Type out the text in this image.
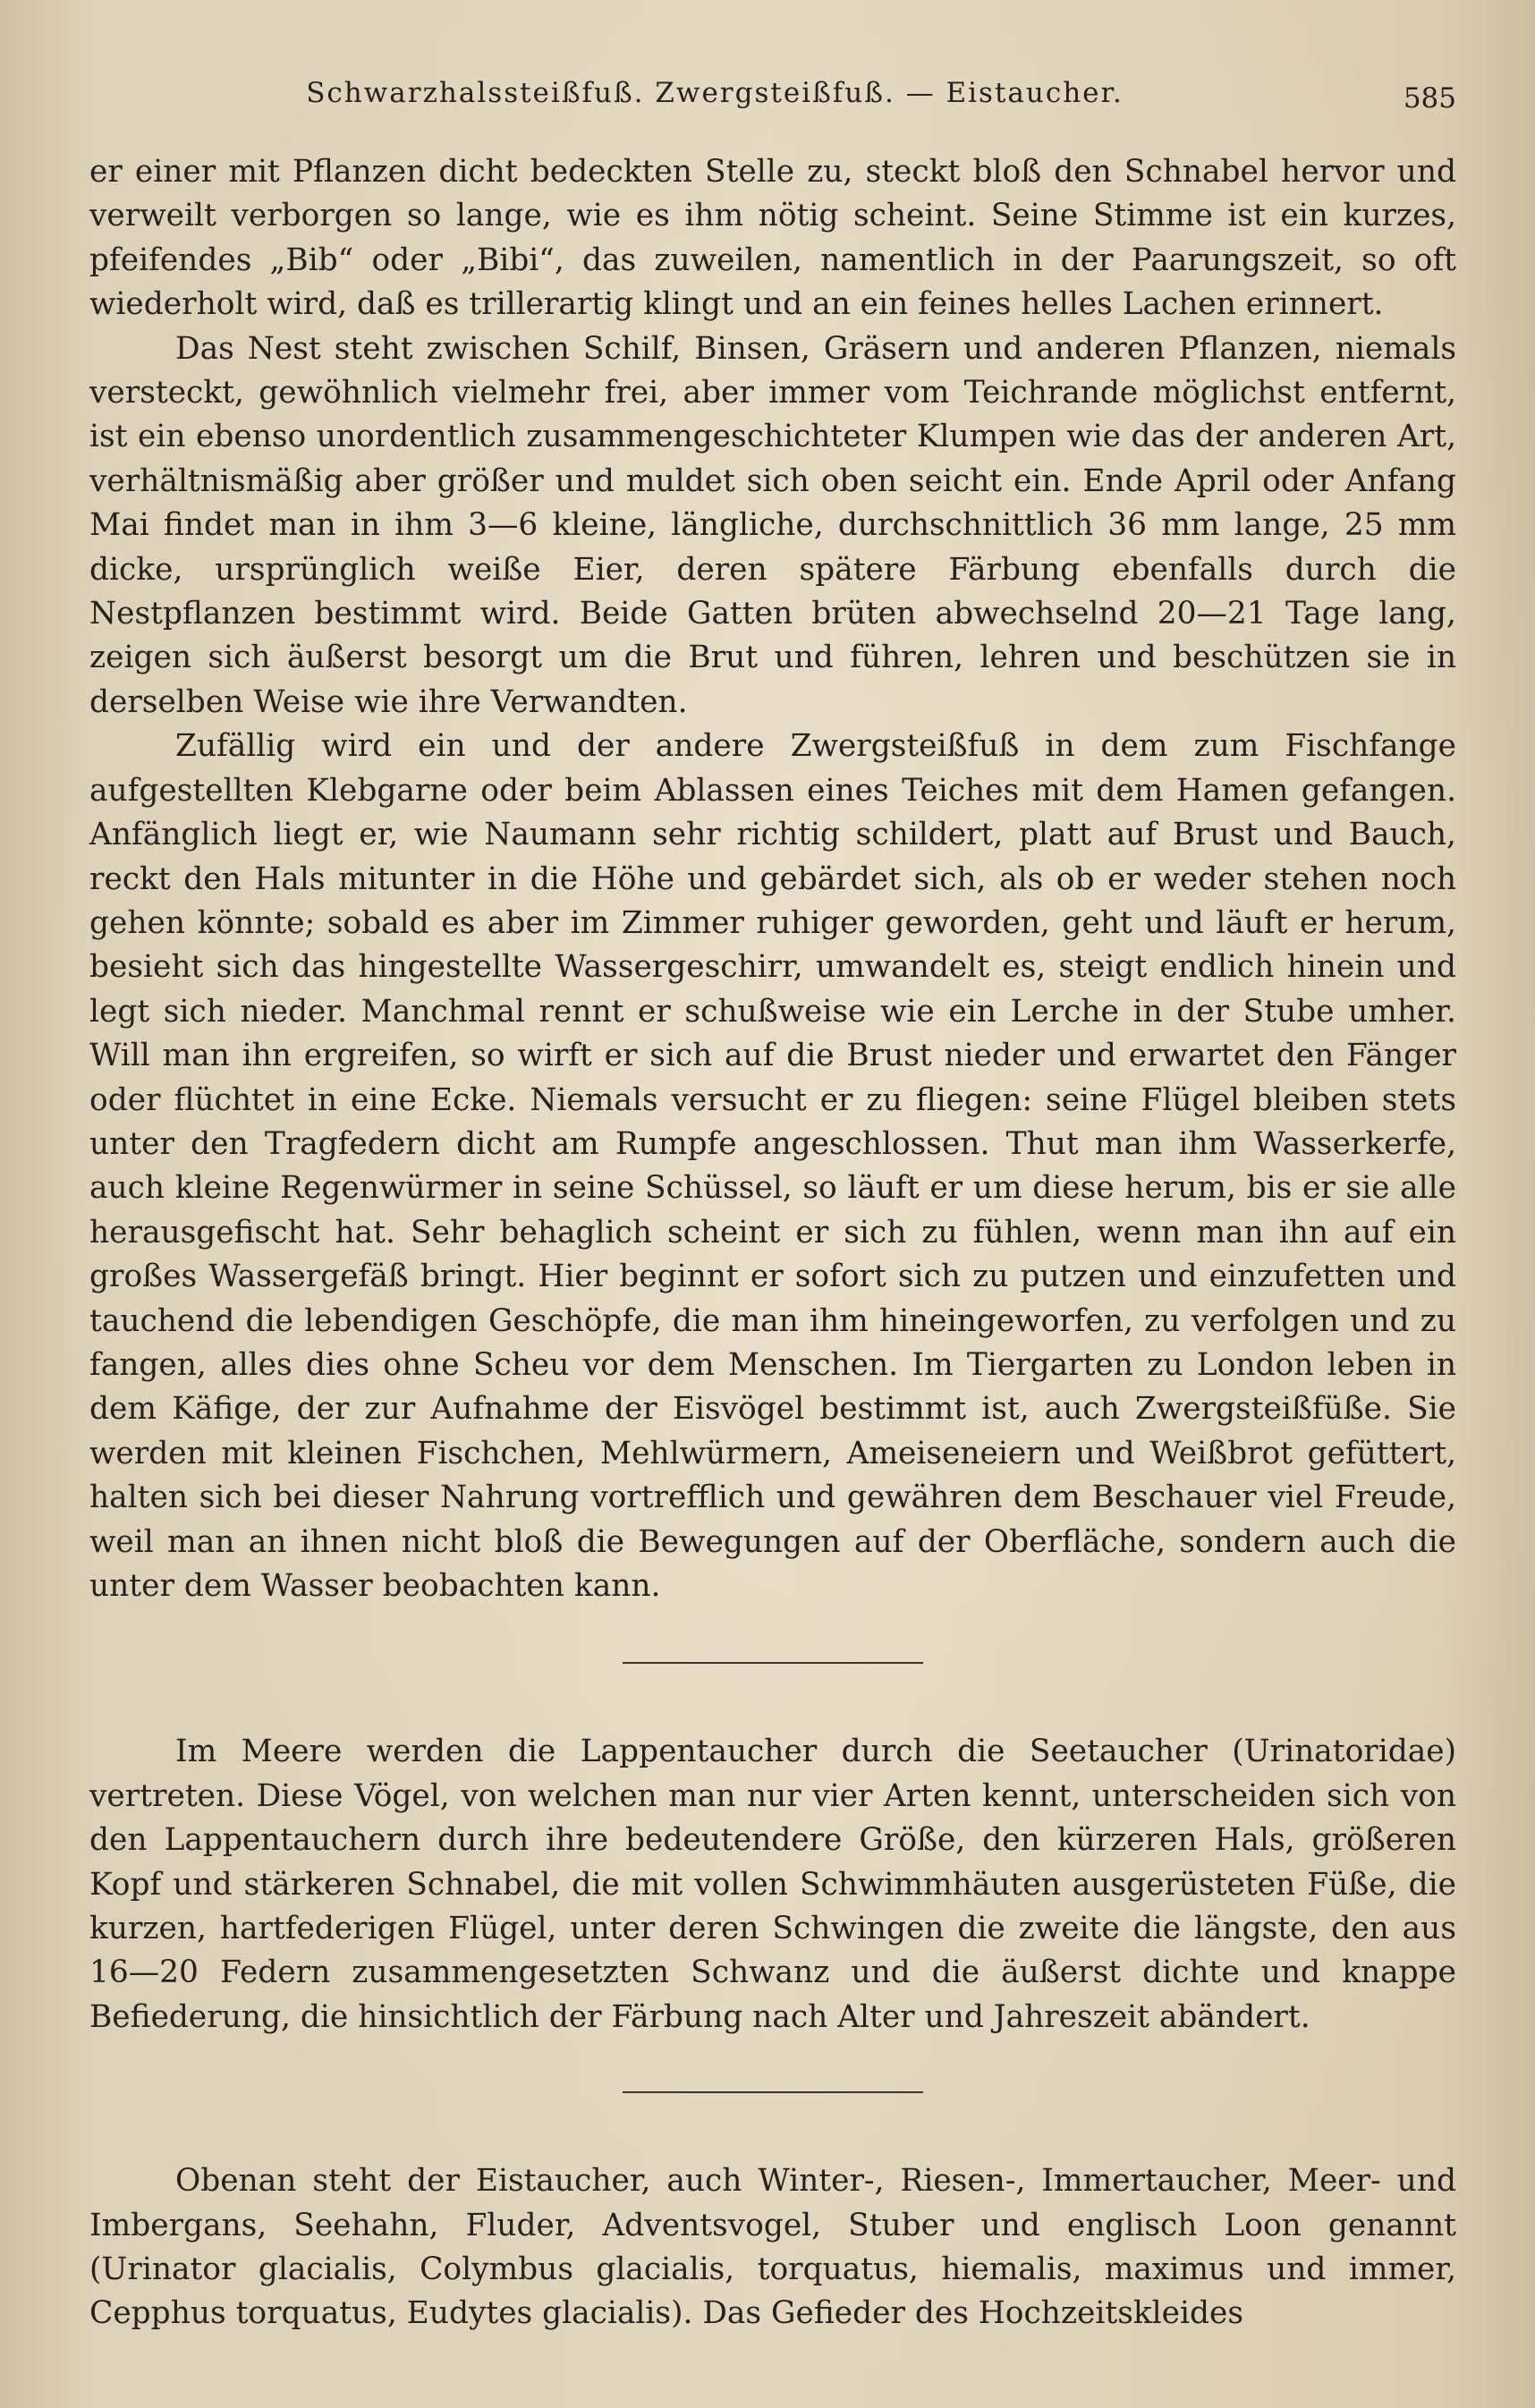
Schwarzhalssteißfuß. Zwergsteißfuß. — Eistaucher.	585

er einer mit Pflanzen dicht bedeckten Stelle zu, steckt bloß den Schnabel hervor und verweilt verborgen so lange, wie es ihm nötig scheint. Seine Stimme ist ein kurzes, pfeifendes „Bib“ oder „Bibi“, das zuweilen, namentlich in der Paarungszeit, so oft wiederholt wird, daß es trillerartig klingt und an ein feines helles Lachen erinnert.

Das Nest steht zwischen Schilf, Binsen, Gräsern und anderen Pflanzen, niemals versteckt, gewöhnlich vielmehr frei, aber immer vom Teichrande möglichst entfernt, ist ein ebenso unordentlich zusammengeschichteter Klumpen wie das der anderen Art, verhältnismäßig aber größer und muldet sich oben seicht ein. Ende April oder Anfang Mai findet man in ihm 3—6 kleine, längliche, durchschnittlich 36 mm lange, 25 mm dicke, ursprünglich weiße Eier, deren spätere Färbung ebenfalls durch die Nestpflanzen bestimmt wird. Beide Gatten brüten abwechselnd 20—21 Tage lang, zeigen sich äußerst besorgt um die Brut und führen, lehren und beschützen sie in derselben Weise wie ihre Verwandten.

Zufällig wird ein und der andere Zwergsteißfuß in dem zum Fischfange aufgestellten Klebgarne oder beim Ablassen eines Teiches mit dem Hamen gefangen. Anfänglich liegt er, wie Naumann sehr richtig schildert, platt auf Brust und Bauch, reckt den Hals mitunter in die Höhe und gebärdet sich, als ob er weder stehen noch gehen könnte; sobald es aber im Zimmer ruhiger geworden, geht und läuft er herum, besieht sich das hingestellte Wassergeschirr, umwandelt es, steigt endlich hinein und legt sich nieder. Manchmal rennt er schußweise wie ein Lerche in der Stube umher. Will man ihn ergreifen, so wirft er sich auf die Brust nieder und erwartet den Fänger oder flüchtet in eine Ecke. Niemals versucht er zu fliegen: seine Flügel bleiben stets unter den Tragfedern dicht am Rumpfe angeschlossen. Thut man ihm Wasserkerfe, auch kleine Regenwürmer in seine Schüssel, so läuft er um diese herum, bis er sie alle herausgefischt hat. Sehr behaglich scheint er sich zu fühlen, wenn man ihn auf ein großes Wassergefäß bringt. Hier beginnt er sofort sich zu putzen und einzufetten und tauchend die lebendigen Geschöpfe, die man ihm hineingeworfen, zu verfolgen und zu fangen, alles dies ohne Scheu vor dem Menschen. Im Tiergarten zu London leben in dem Käfige, der zur Aufnahme der Eisvögel bestimmt ist, auch Zwergsteißfüße. Sie werden mit kleinen Fischchen, Mehlwürmern, Ameiseneiern und Weißbrot gefüttert, halten sich bei dieser Nahrung vortrefflich und gewähren dem Beschauer viel Freude, weil man an ihnen nicht bloß die Bewegungen auf der Oberfläche, sondern auch die unter dem Wasser beobachten kann.

Im Meere werden die Lappentaucher durch die Seetaucher (Urinatoridae) vertreten. Diese Vögel, von welchen man nur vier Arten kennt, unterscheiden sich von den Lappentauchern durch ihre bedeutendere Größe, den kürzeren Hals, größeren Kopf und stärkeren Schnabel, die mit vollen Schwimmhäuten ausgerüsteten Füße, die kurzen, hartfederigen Flügel, unter deren Schwingen die zweite die längste, den aus 16—20 Federn zusammengesetzten Schwanz und die äußerst dichte und knappe Befiederung, die hinsichtlich der Färbung nach Alter und Jahreszeit abändert.

Obenan steht der Eistaucher, auch Winter-, Riesen-, Immertaucher, Meer- und Imbergans, Seehahn, Fluder, Adventsvogel, Stuber und englisch Loon genannt (Urinator glacialis, Colymbus glacialis, torquatus, hiemalis, maximus und immer, Cepphus torquatus, Eudytes glacialis). Das Gefieder des Hochzeitskleides
